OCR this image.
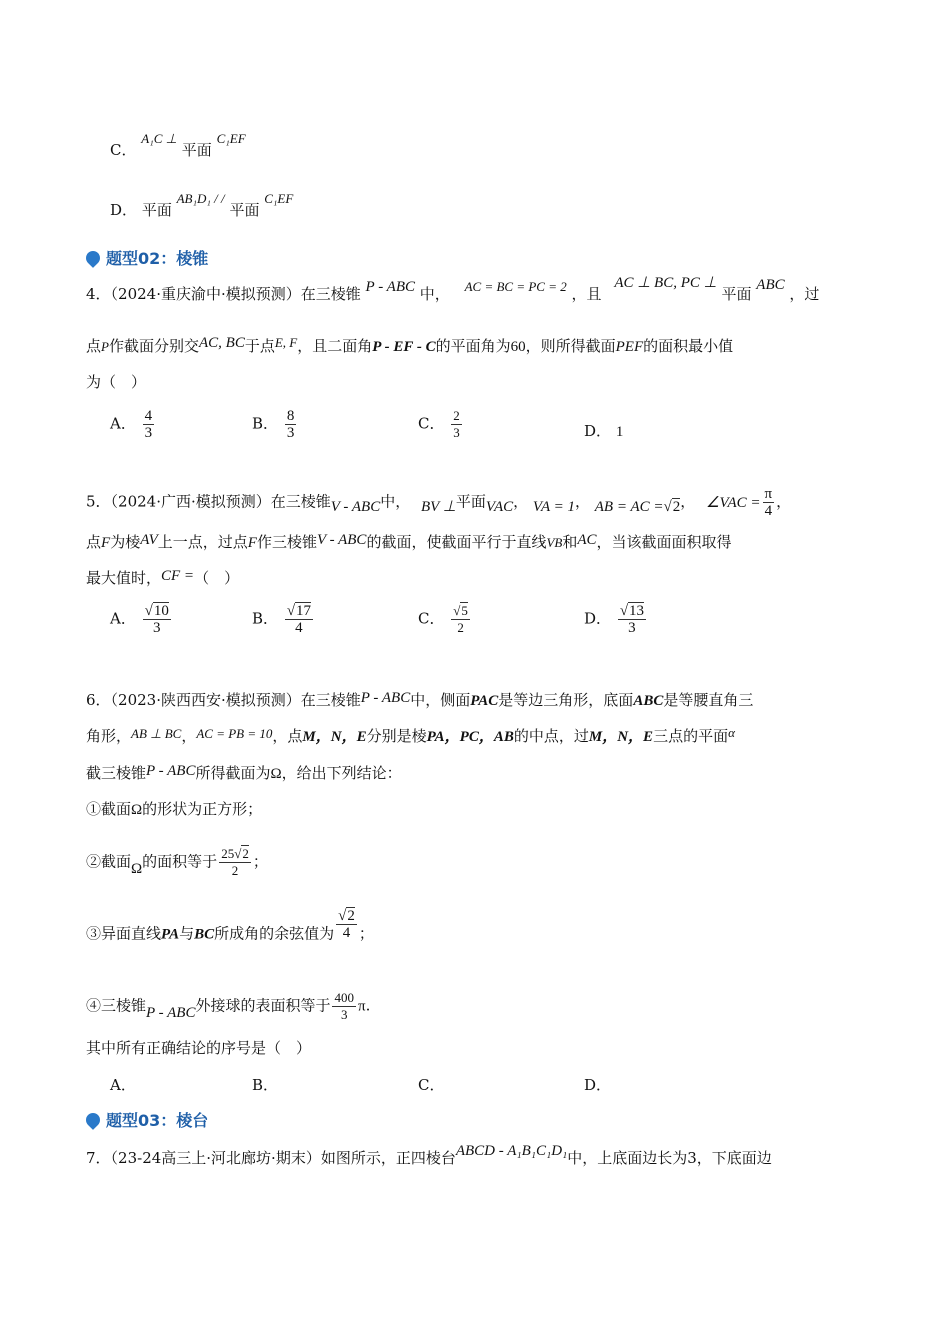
C． A₁C ⊥ 平面 C₁EF
D． 平面 AB₁D₁ / / 平面 C₁EF
题型02： 棱锥
4．（2024·重庆渝中·模拟预测）在三棱锥 P - ABC 中， AC = BC = PC = 2 ，且 AC ⊥ BC, PC ⊥ 平面 ABC ，过
点P作截面分别交AC, BC于点E, F，且二面角P - EF - C的平面角为60，则所得截面PEF的面积最小值
为（　）
A． $\frac{4}{3}$	B． $\frac{8}{3}$	C． $\frac{2}{3}$	D． 1
5．（2024·广西·模拟预测）在三棱锥V - ABC中， BV ⊥平面VAC， VA = 1， AB = AC =√2， ∠VAC = $\frac{\pi}{4}$ ，
点F为棱AV上一点，过点F作三棱锥V - ABC的截面，使截面平行于直线VB和AC，当该截面面积取得
最大值时，CF =（　）
A． $\frac{√10}{3}$	B． $\frac{√17}{4}$	C． $\frac{√5}{2}$	D． $\frac{√13}{3}$
6．（2023·陕西西安·模拟预测）在三棱锥P - ABC中，侧面PAC是等边三角形，底面ABC是等腰直角三
角形，AB ⊥ BC，AC = PB = 10，点M，N，E分别是棱PA，PC，AB的中点，过M，N，E三点的平面α
截三棱锥P - ABC所得截面为Ω，给出下列结论：
①截面Ω的形状为正方形；
②截面Ω的面积等于 $\frac{25√2}{2}$ ；
③异面直线PA与BC所成角的余弦值为 $\frac{√2}{4}$ ；
④三棱锥P - ABC外接球的表面积等于 $\frac{400}{3} \pi$.
其中所有正确结论的序号是（　）
A．	B．	C．	D．
题型03： 棱台
7．（23-24高三上·河北廊坊·期末）如图所示，正四棱台ABCD - A₁B₁C₁D₁中，上底面边长为3，下底面边
